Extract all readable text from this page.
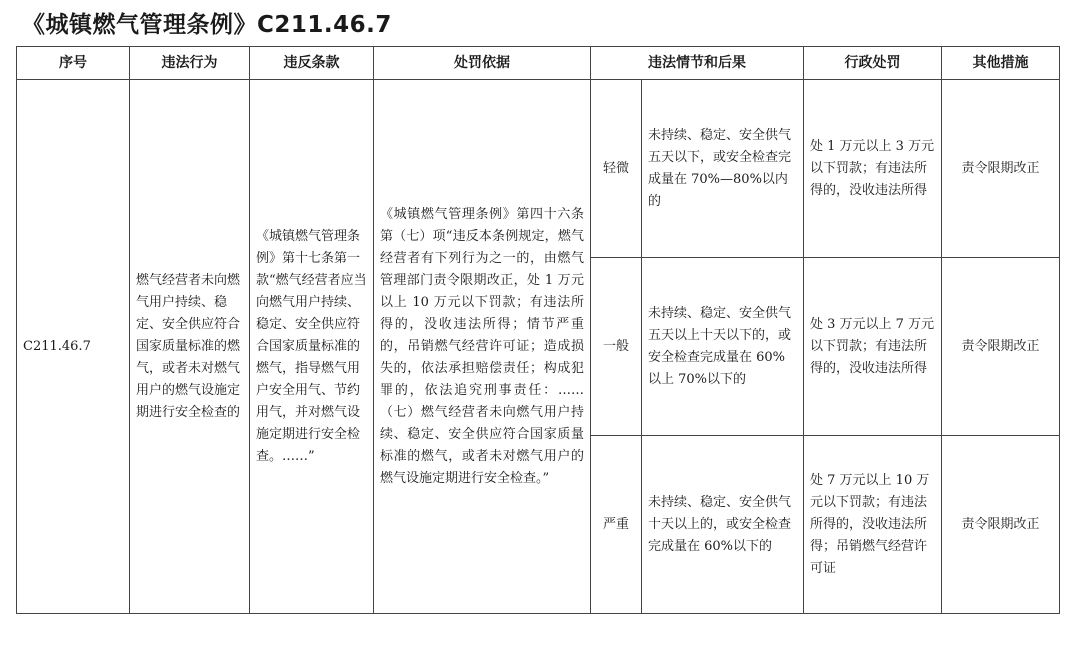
《城镇燃气管理条例》C211.46.7
序号	违法行为	违反条款	处罚依据	违法情节和后果		行政处罚	其他措施
C211.46.7	燃气经营者未向燃气用户持续、稳定、安全供应符合国家质量标准的燃气，或者未对燃气用户的燃气设施定期进行安全检查的	《城镇燃气管理条例》第十七条第一款“燃气经营者应当向燃气用户持续、稳定、安全供应符合国家质量标准的燃气，指导燃气用户安全用气、节约用气，并对燃气设施定期进行安全检查。……”	《城镇燃气管理条例》第四十六条第（七）项“违反本条例规定，燃气经营者有下列行为之一的，由燃气管理部门责令限期改正，处 1 万元以上 10 万元以下罚款；有违法所得的，没收违法所得；情节严重的，吊销燃气经营许可证；造成损失的，依法承担赔偿责任；构成犯罪的，依法追究刑事责任：……（七）燃气经营者未向燃气用户持续、稳定、安全供应符合国家质量标准的燃气，或者未对燃气用户的燃气设施定期进行安全检查。”	轻微	未持续、稳定、安全供气五天以下，或安全检查完成量在 70%—80%以内的	处 1 万元以上 3 万元以下罚款；有违法所得的，没收违法所得	责令限期改正
				一般	未持续、稳定、安全供气五天以上十天以下的，或安全检查完成量在 60%以上 70%以下的	处 3 万元以上 7 万元以下罚款；有违法所得的，没收违法所得	责令限期改正
				严重	未持续、稳定、安全供气十天以上的，或安全检查完成量在 60%以下的	处 7 万元以上 10 万元以下罚款；有违法所得的，没收违法所得；吊销燃气经营许可证	责令限期改正
